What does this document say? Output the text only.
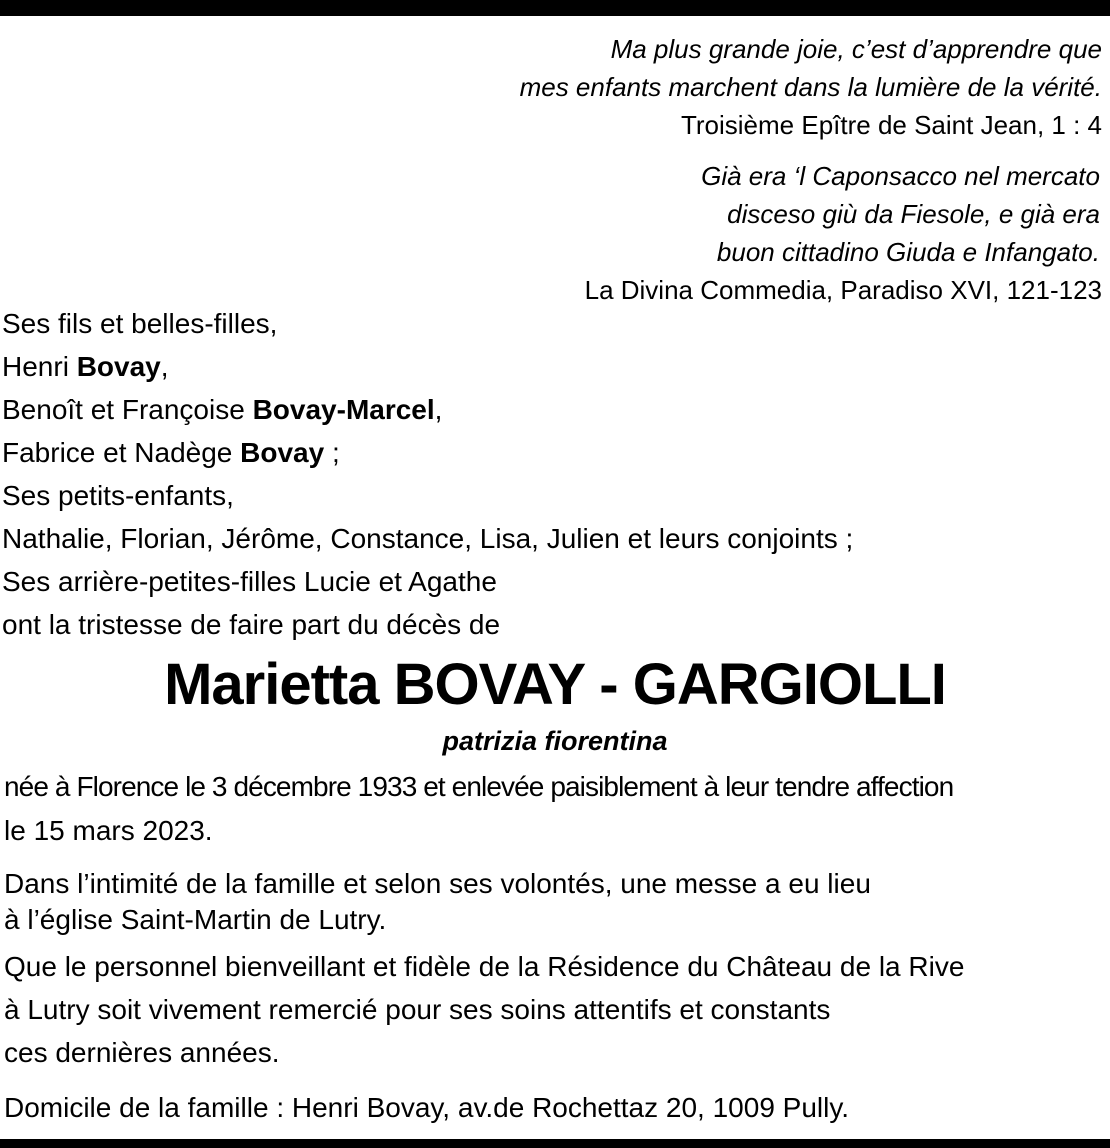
Ma plus grande joie, c’est d’apprendre que
mes enfants marchent dans la lumière de la vérité.
Troisième Epître de Saint Jean, 1 : 4
Già era ‘l Caponsacco nel mercato
disceso giù da Fiesole, e già era
buon cittadino Giuda e Infangato.
La Divina Commedia, Paradiso XVI, 121-123
Ses fils et belles-filles,
Henri Bovay,
Benoît et Françoise Bovay-Marcel,
Fabrice et Nadège Bovay ;
Ses petits-enfants,
Nathalie, Florian, Jérôme, Constance, Lisa, Julien et leurs conjoints ;
Ses arrière-petites-filles Lucie et Agathe
ont la tristesse de faire part du décès de
Marietta BOVAY - GARGIOLLI
patrizia fiorentina
née à Florence le 3 décembre 1933 et enlevée paisiblement à leur tendre affection
le 15 mars 2023.
Dans l’intimité de la famille et selon ses volontés, une messe a eu lieu
à l’église Saint-Martin de Lutry.
Que le personnel bienveillant et fidèle de la Résidence du Château de la Rive
à Lutry soit vivement remercié pour ses soins attentifs et constants
ces dernières années.
Domicile de la famille : Henri Bovay, av.de Rochettaz 20, 1009 Pully.
